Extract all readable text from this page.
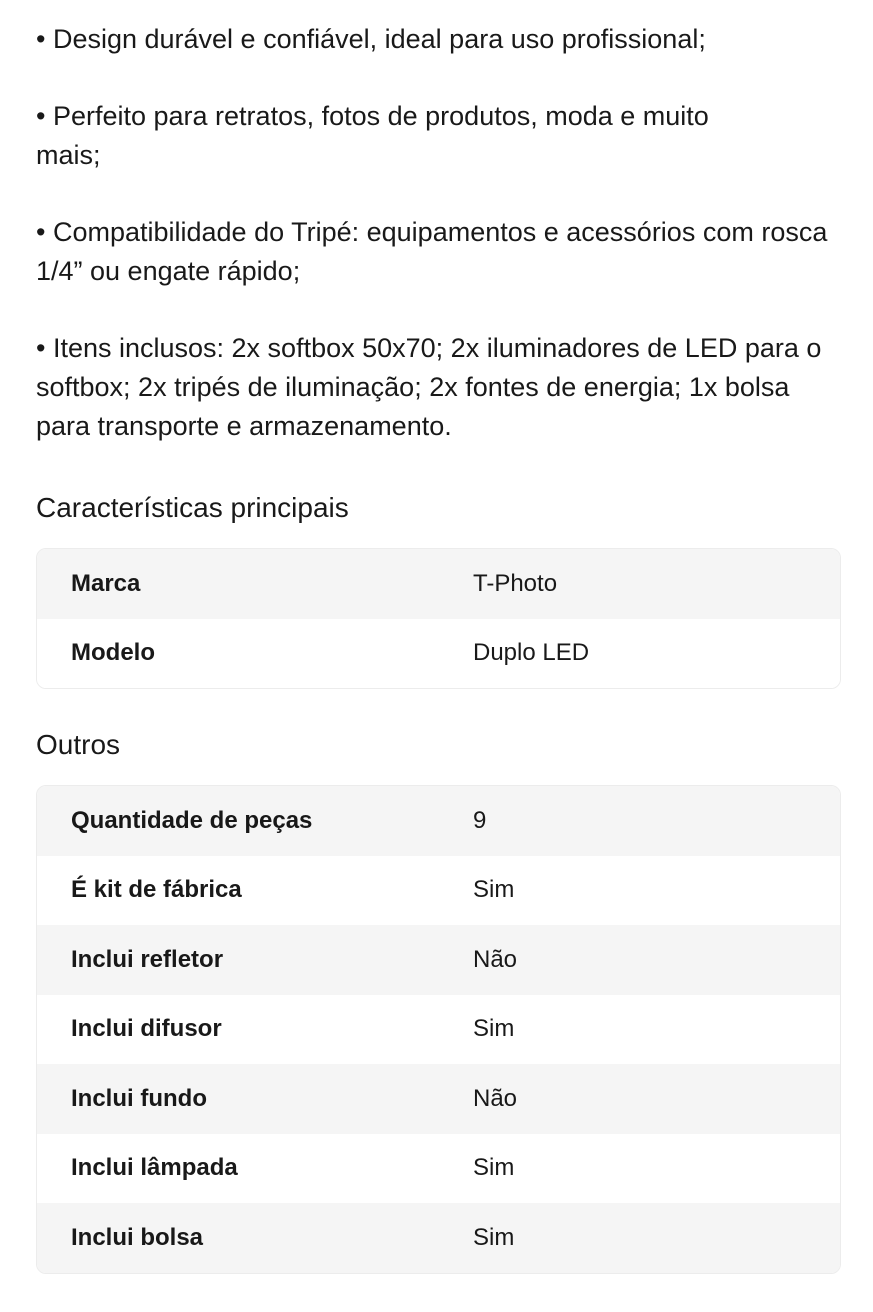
• Design durável e confiável, ideal para uso profissional;

• Perfeito para retratos, fotos de produtos, moda e muito mais;

• Compatibilidade do Tripé: equipamentos e acessórios com rosca 1/4” ou engate rápido;

• Itens inclusos: 2x softbox 50x70; 2x iluminadores de LED para o softbox; 2x tripés de iluminação; 2x fontes de energia; 1x bolsa para transporte e armazenamento.

Características principais
Marca	T-Photo
Modelo	Duplo LED
Outros
Quantidade de peças	9
É kit de fábrica	Sim
Inclui refletor	Não
Inclui difusor	Sim
Inclui fundo	Não
Inclui lâmpada	Sim
Inclui bolsa	Sim
